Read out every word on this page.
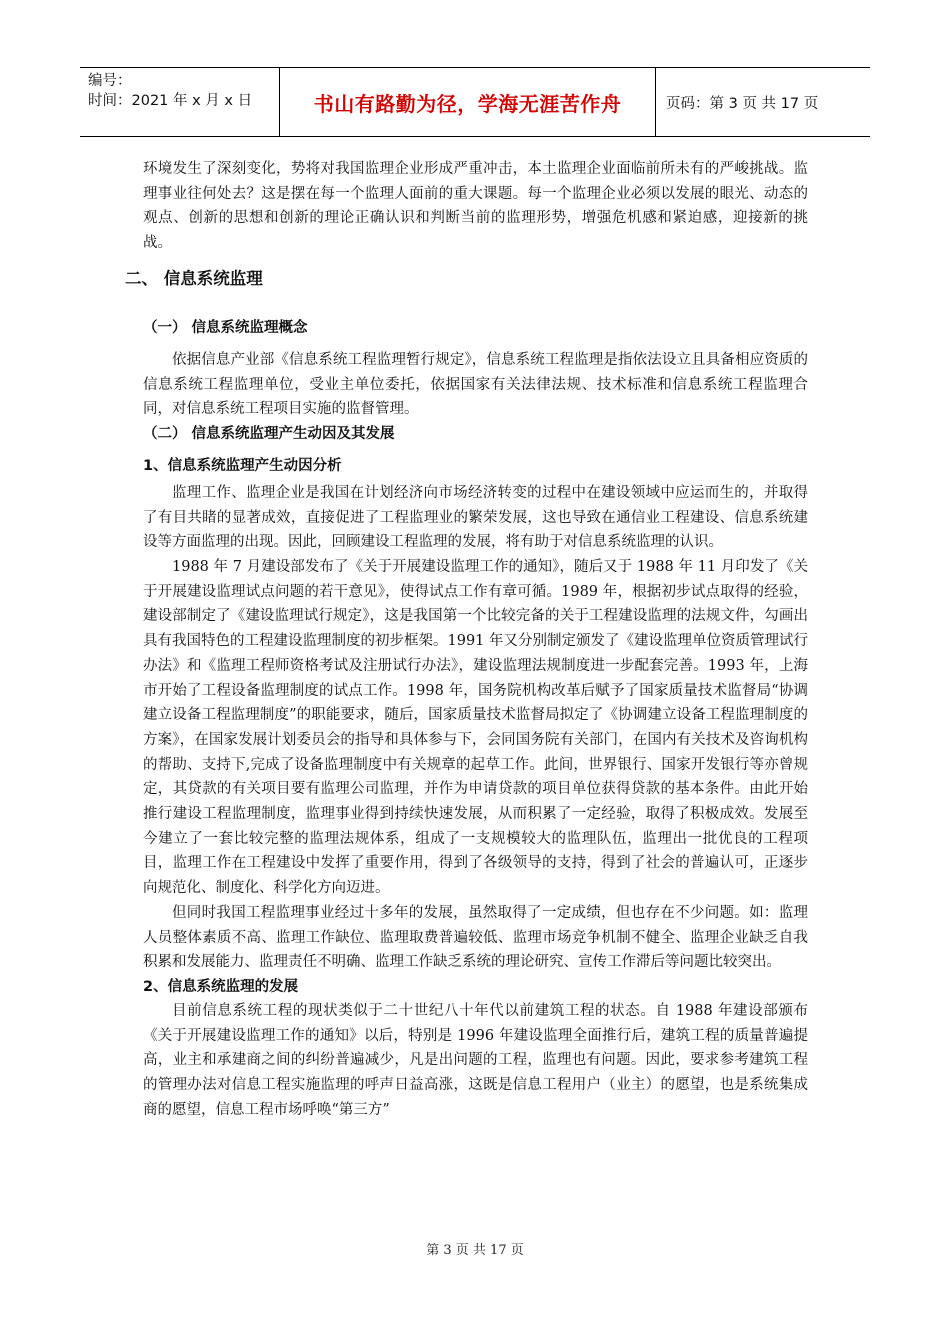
编号：
时间：2021 年 x 月 x 日	书山有路勤为径，学海无涯苦作舟	页码：第 3 页 共 17 页

环境发生了深刻变化，势将对我国监理企业形成严重冲击，本土监理企业面临前所未有的严峻挑战。监理事业往何处去？这是摆在每一个监理人面前的重大课题。每一个监理企业必须以发展的眼光、动态的观点、创新的思想和创新的理论正确认识和判断当前的监理形势，增强危机感和紧迫感，迎接新的挑战。

二、 信息系统监理

（一） 信息系统监理概念

依据信息产业部《信息系统工程监理暂行规定》，信息系统工程监理是指依法设立且具备相应资质的信息系统工程监理单位，受业主单位委托，依据国家有关法律法规、技术标准和信息系统工程监理合同，对信息系统工程项目实施的监督管理。

（二） 信息系统监理产生动因及其发展

1、信息系统监理产生动因分析

监理工作、监理企业是我国在计划经济向市场经济转变的过程中在建设领域中应运而生的，并取得了有目共睹的显著成效，直接促进了工程监理业的繁荣发展，这也导致在通信业工程建设、信息系统建设等方面监理的出现。因此，回顾建设工程监理的发展，将有助于对信息系统监理的认识。

1988 年 7 月建设部发布了《关于开展建设监理工作的通知》，随后又于 1988 年 11 月印发了《关于开展建设监理试点问题的若干意见》，使得试点工作有章可循。1989 年，根据初步试点取得的经验，建设部制定了《建设监理试行规定》，这是我国第一个比较完备的关于工程建设监理的法规文件，勾画出具有我国特色的工程建设监理制度的初步框架。1991 年又分别制定颁发了《建设监理单位资质管理试行办法》和《监理工程师资格考试及注册试行办法》，建设监理法规制度进一步配套完善。1993 年，上海市开始了工程设备监理制度的试点工作。1998 年，国务院机构改革后赋予了国家质量技术监督局“协调建立设备工程监理制度”的职能要求，随后，国家质量技术监督局拟定了《协调建立设备工程监理制度的方案》，在国家发展计划委员会的指导和具体参与下，会同国务院有关部门，在国内有关技术及咨询机构的帮助、支持下,完成了设备监理制度中有关规章的起草工作。此间，世界银行、国家开发银行等亦曾规定，其贷款的有关项目要有监理公司监理，并作为申请贷款的项目单位获得贷款的基本条件。由此开始推行建设工程监理制度，监理事业得到持续快速发展，从而积累了一定经验，取得了积极成效。发展至今建立了一套比较完整的监理法规体系，组成了一支规模较大的监理队伍，监理出一批优良的工程项目，监理工作在工程建设中发挥了重要作用，得到了各级领导的支持，得到了社会的普遍认可，正逐步向规范化、制度化、科学化方向迈进。

但同时我国工程监理事业经过十多年的发展，虽然取得了一定成绩，但也存在不少问题。如：监理人员整体素质不高、监理工作缺位、监理取费普遍较低、监理市场竞争机制不健全、监理企业缺乏自我积累和发展能力、监理责任不明确、监理工作缺乏系统的理论研究、宣传工作滞后等问题比较突出。

2、信息系统监理的发展

目前信息系统工程的现状类似于二十世纪八十年代以前建筑工程的状态。自 1988 年建设部颁布《关于开展建设监理工作的通知》以后，特别是 1996 年建设监理全面推行后，建筑工程的质量普遍提高，业主和承建商之间的纠纷普遍减少，凡是出问题的工程，监理也有问题。因此，要求参考建筑工程的管理办法对信息工程实施监理的呼声日益高涨，这既是信息工程用户（业主）的愿望，也是系统集成商的愿望，信息工程市场呼唤“第三方”

第 3 页 共 17 页
